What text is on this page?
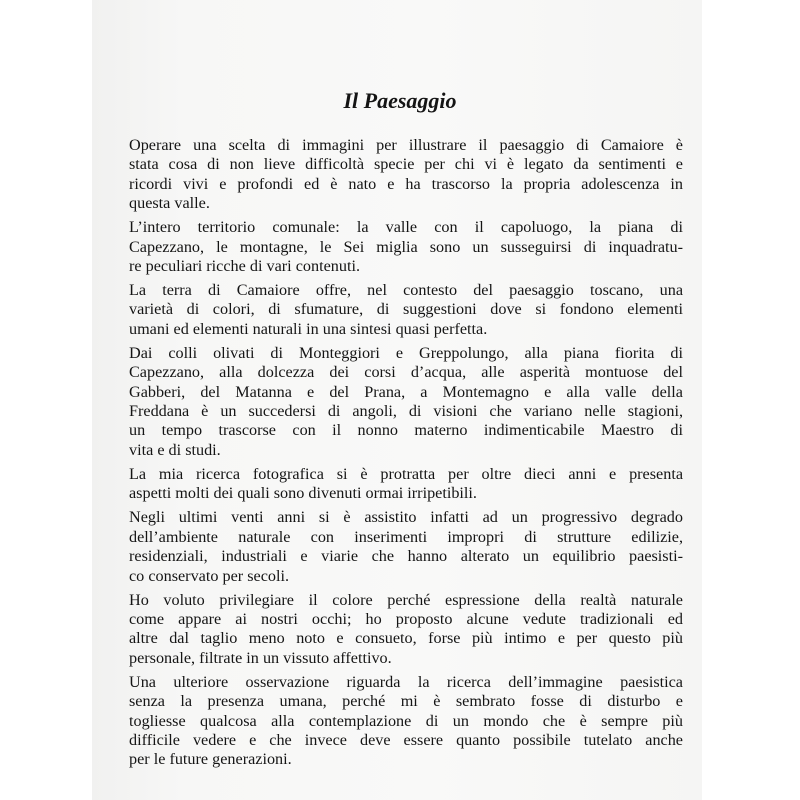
Il Paesaggio
Operare una scelta di immagini per illustrare il paesaggio di Camaiore è
stata cosa di non lieve difficoltà specie per chi vi è legato da sentimenti e
ricordi vivi e profondi ed è nato e ha trascorso la propria adolescenza in
questa valle.
L’intero territorio comunale: la valle con il capoluogo, la piana di
Capezzano, le montagne, le Sei miglia sono un susseguirsi di inquadratu-
re peculiari ricche di vari contenuti.
La terra di Camaiore offre, nel contesto del paesaggio toscano, una
varietà di colori, di sfumature, di suggestioni dove si fondono elementi
umani ed elementi naturali in una sintesi quasi perfetta.
Dai colli olivati di Monteggiori e Greppolungo, alla piana fiorita di
Capezzano, alla dolcezza dei corsi d’acqua, alle asperità montuose del
Gabberi, del Matanna e del Prana, a Montemagno e alla valle della
Freddana è un succedersi di angoli, di visioni che variano nelle stagioni,
un tempo trascorse con il nonno materno indimenticabile Maestro di
vita e di studi.
La mia ricerca fotografica si è protratta per oltre dieci anni e presenta
aspetti molti dei quali sono divenuti ormai irripetibili.
Negli ultimi venti anni si è assistito infatti ad un progressivo degrado
dell’ambiente naturale con inserimenti impropri di strutture edilizie,
residenziali, industriali e viarie che hanno alterato un equilibrio paesisti-
co conservato per secoli.
Ho voluto privilegiare il colore perché espressione della realtà naturale
come appare ai nostri occhi; ho proposto alcune vedute tradizionali ed
altre dal taglio meno noto e consueto, forse più intimo e per questo più
personale, filtrate in un vissuto affettivo.
Una ulteriore osservazione riguarda la ricerca dell’immagine paesistica
senza la presenza umana, perché mi è sembrato fosse di disturbo e
togliesse qualcosa alla contemplazione di un mondo che è sempre più
difficile vedere e che invece deve essere quanto possibile tutelato anche
per le future generazioni.
